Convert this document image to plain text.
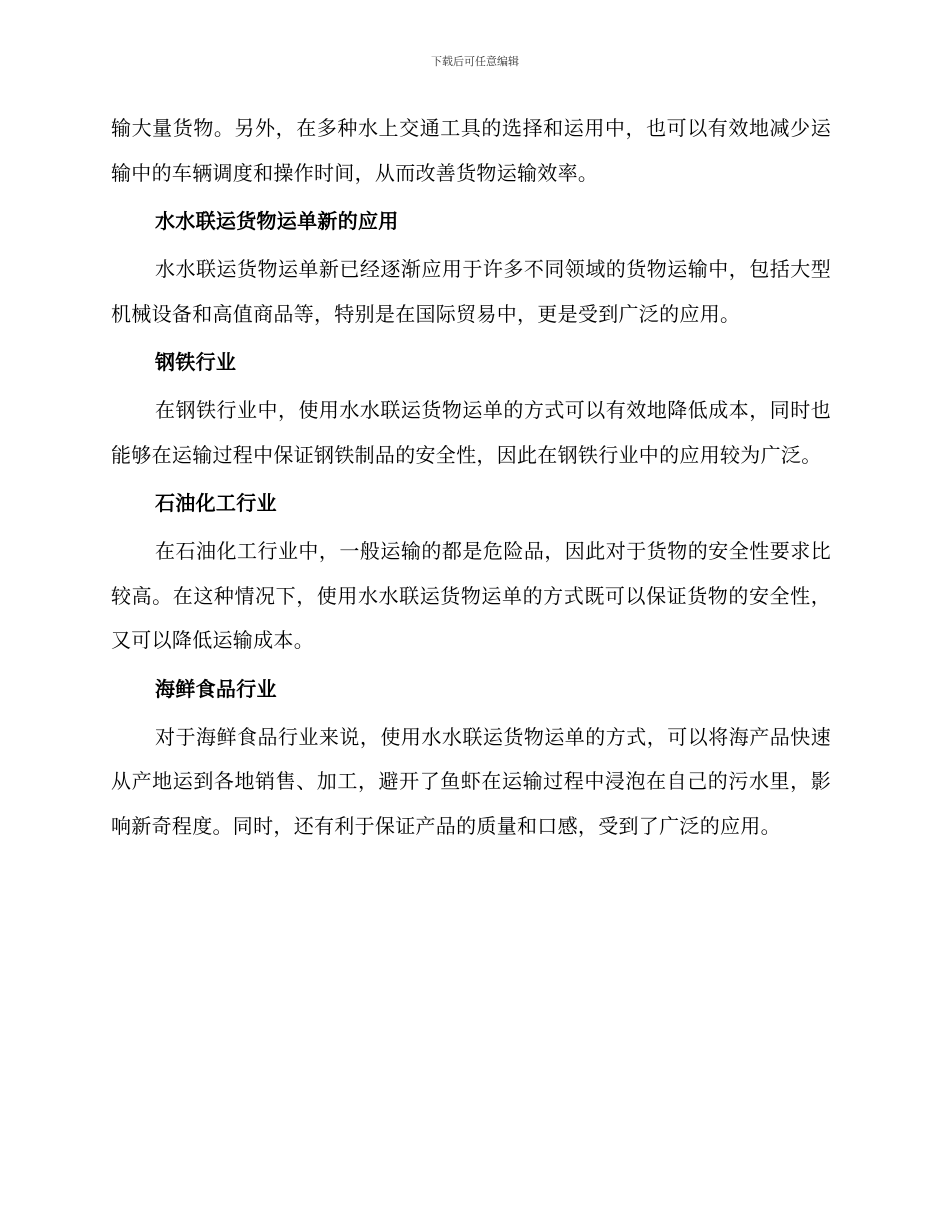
下载后可任意编辑

输大量货物。另外，在多种水上交通工具的选择和运用中，也可以有效地减少运输中的车辆调度和操作时间，从而改善货物运输效率。

水水联运货物运单新的应用

水水联运货物运单新已经逐渐应用于许多不同领域的货物运输中，包括大型机械设备和高值商品等，特别是在国际贸易中，更是受到广泛的应用。

钢铁行业

在钢铁行业中，使用水水联运货物运单的方式可以有效地降低成本，同时也能够在运输过程中保证钢铁制品的安全性，因此在钢铁行业中的应用较为广泛。

石油化工行业

在石油化工行业中，一般运输的都是危险品，因此对于货物的安全性要求比较高。在这种情况下，使用水水联运货物运单的方式既可以保证货物的安全性，又可以降低运输成本。

海鲜食品行业

对于海鲜食品行业来说，使用水水联运货物运单的方式，可以将海产品快速从产地运到各地销售、加工，避开了鱼虾在运输过程中浸泡在自己的污水里，影响新奇程度。同时，还有利于保证产品的质量和口感，受到了广泛的应用。
